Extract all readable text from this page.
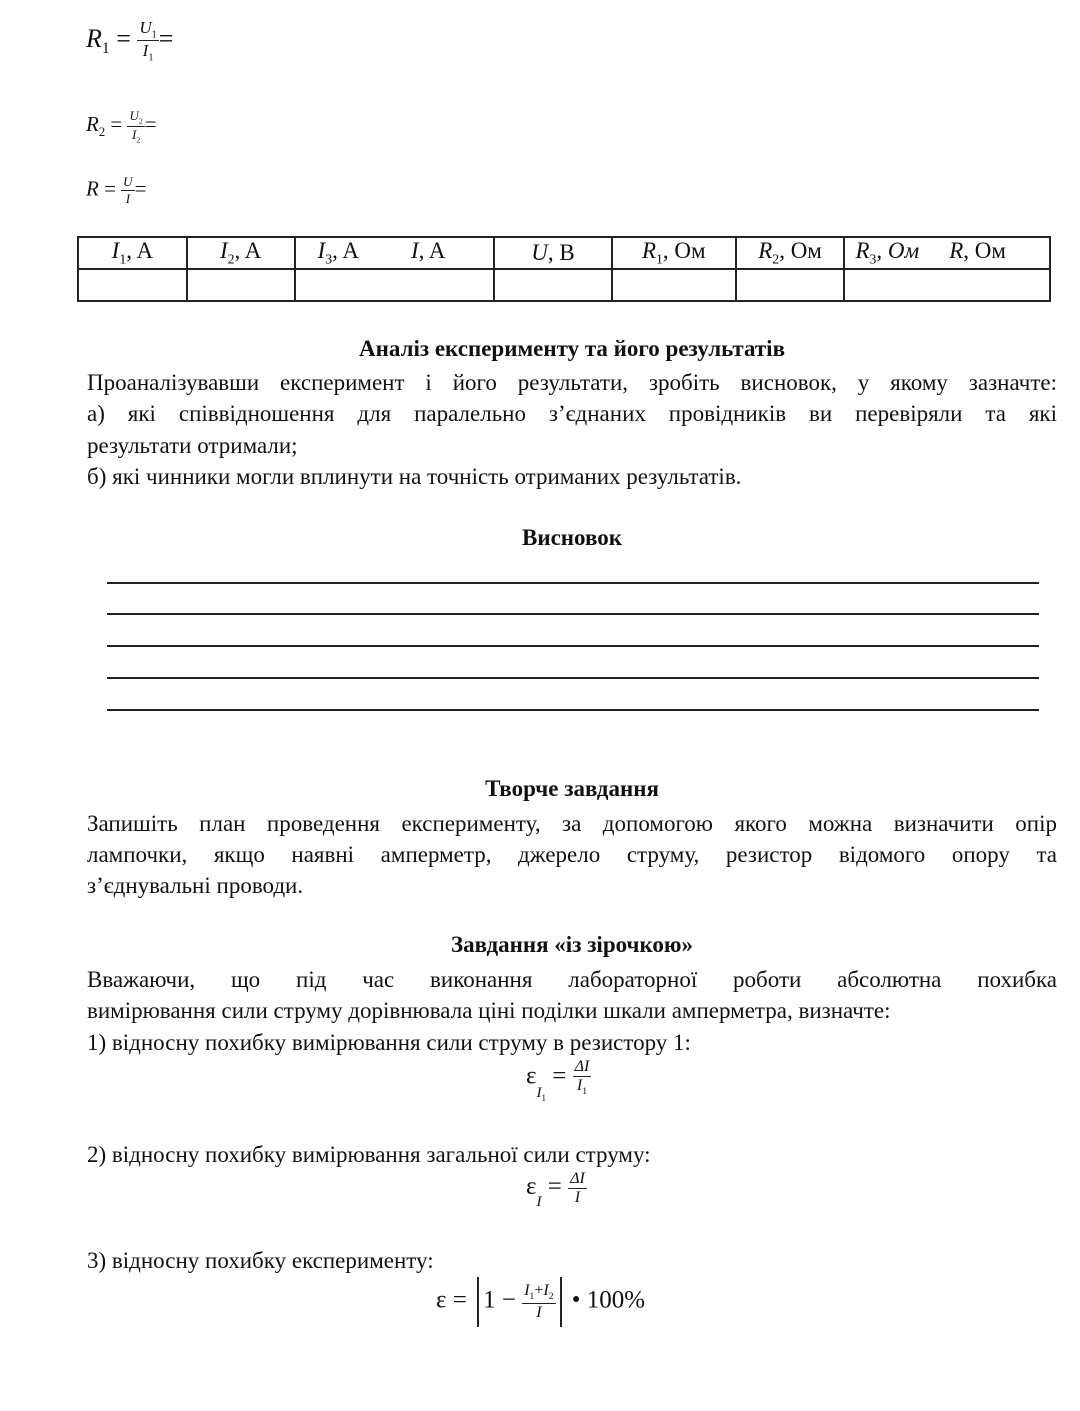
$R_1 = \frac{U_1}{I_1}$ =
$R_2 = \frac{U_2}{I_2}$ =
$R = \frac{U}{I}$ =
$I_1$, A	$I_2$, A	$I_3$, A I, A	U, B	$R_1$, Ом	$R_2$, Ом	$R_3$, Ом R, Ом

Аналіз експерименту та його результатів
Проаналізувавши експеримент і його результати, зробіть висновок, у якому зазначте:
а) які співвідношення для паралельно з’єднаних провідників ви перевіряли та які
результати отримали;
б) які чинники могли вплинути на точність отриманих результатів.
Висновок
Творче завдання
Запишіть план проведення експерименту, за допомогою якого можна визначити опір
лампочки, якщо наявні амперметр, джерело струму, резистор відомого опору та
з’єднувальні проводи.
Завдання «із зірочкою»
Вважаючи, що під час виконання лабораторної роботи абсолютна похибка
вимірювання сили струму дорівнювала ціні поділки шкали амперметра, визначте:
1) відносну похибку вимірювання сили струму в резистору 1:
$\varepsilon_{I_1} = \frac{\Delta I}{I_1}$
2) відносну похибку вимірювання загальної сили струму:
$\varepsilon_I = \frac{\Delta I}{I}$
3) відносну похибку експерименту:
$\varepsilon = 1 - \frac{I_1+I_2}{I}$ • 100%
